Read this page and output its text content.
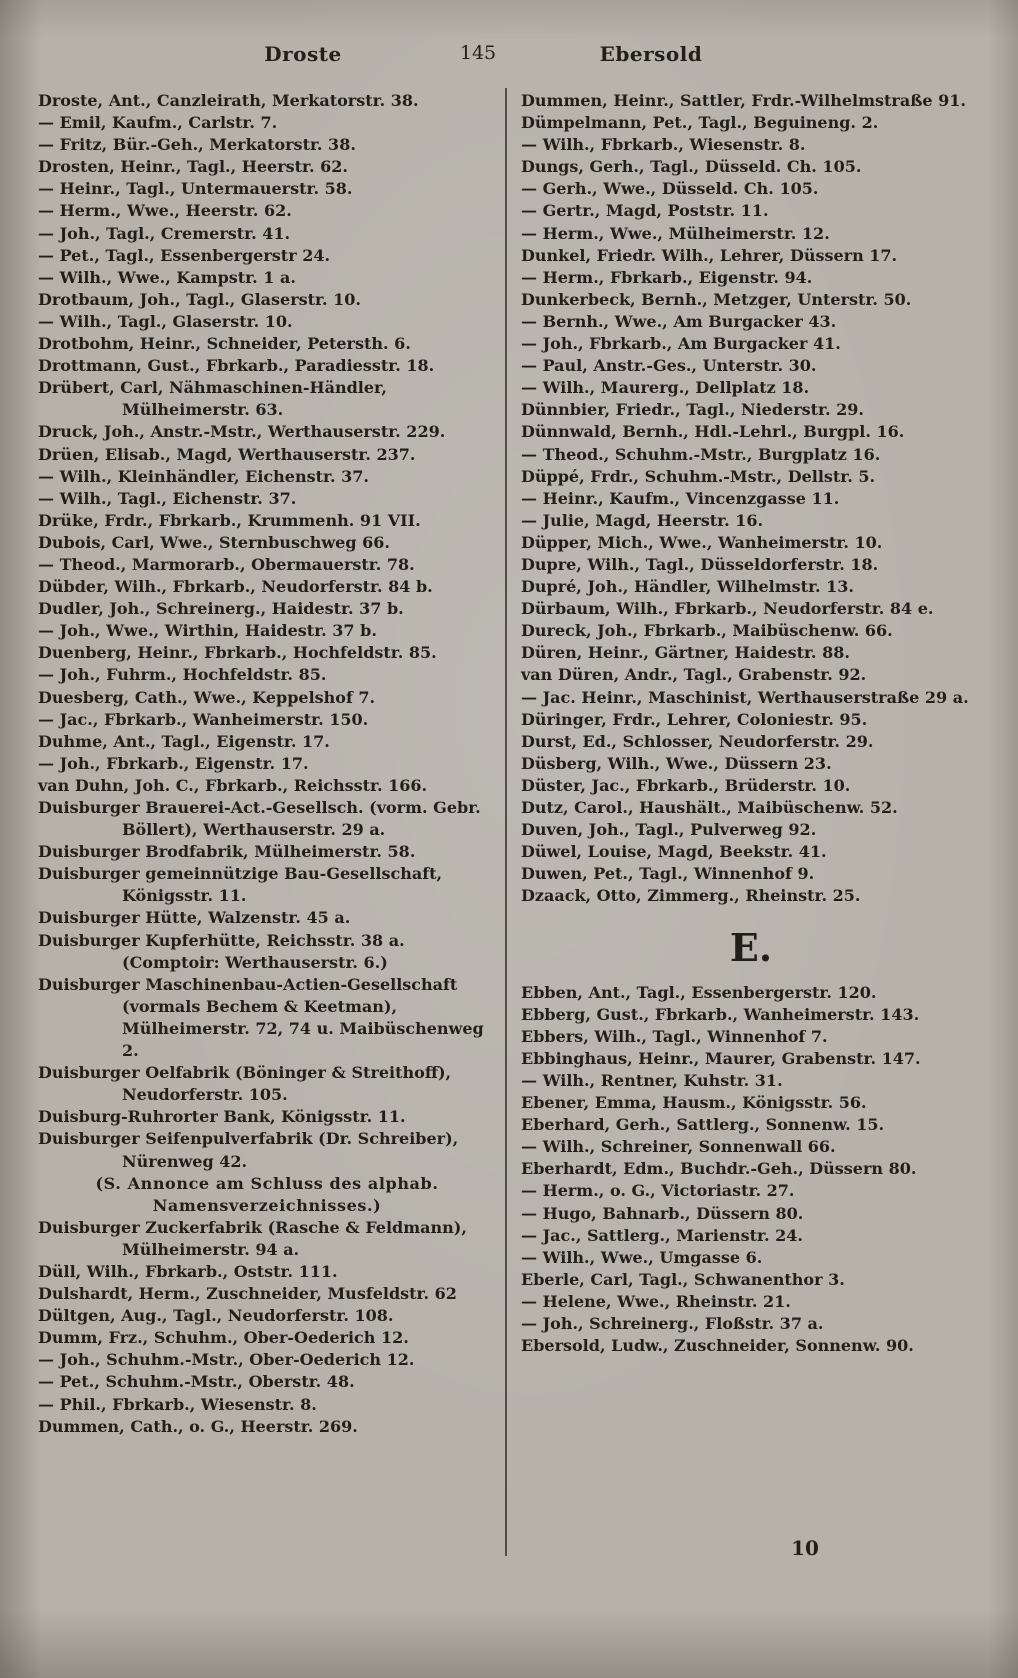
Droste	145	Ebersold

Droste, Ant., Canzleirath, Merkatorstr. 38.

— Emil, Kaufm., Carlstr. 7.

— Fritz, Bür.-Geh., Merkatorstr. 38.

Drosten, Heinr., Tagl., Heerstr. 62.

— Heinr., Tagl., Untermauerstr. 58.

— Herm., Wwe., Heerstr. 62.

— Joh., Tagl., Cremerstr. 41.

— Pet., Tagl., Essenbergerstr 24.

— Wilh., Wwe., Kampstr. 1 a.

Drotbaum, Joh., Tagl., Glaserstr. 10.

— Wilh., Tagl., Glaserstr. 10.

Drotbohm, Heinr., Schneider, Petersth. 6.

Drottmann, Gust., Fbrkarb., Paradiesstr. 18.

Drübert, Carl, Nähmaschinen-Händler, Mülheimerstr. 63.

Druck, Joh., Anstr.-Mstr., Werthauserstr. 229.

Drüen, Elisab., Magd, Werthauserstr. 237.

— Wilh., Kleinhändler, Eichenstr. 37.

— Wilh., Tagl., Eichenstr. 37.

Drüke, Frdr., Fbrkarb., Krummenh. 91 VII.

Dubois, Carl, Wwe., Sternbuschweg 66.

— Theod., Marmorarb., Obermauerstr. 78.

Dübder, Wilh., Fbrkarb., Neudorferstr. 84 b.

Dudler, Joh., Schreinerg., Haidestr. 37 b.

— Joh., Wwe., Wirthin, Haidestr. 37 b.

Duenberg, Heinr., Fbrkarb., Hochfeldstr. 85.

— Joh., Fuhrm., Hochfeldstr. 85.

Duesberg, Cath., Wwe., Keppelshof 7.

— Jac., Fbrkarb., Wanheimerstr. 150.

Duhme, Ant., Tagl., Eigenstr. 17.

— Joh., Fbrkarb., Eigenstr. 17.

van Duhn, Joh. C., Fbrkarb., Reichsstr. 166.

Duisburger Brauerei-Act.-Gesellsch. (vorm. Gebr. Böllert), Werthauserstr. 29 a.

Duisburger Brodfabrik, Mülheimerstr. 58.

Duisburger gemeinnützige Bau-Gesellschaft, Königsstr. 11.

Duisburger Hütte, Walzenstr. 45 a.

Duisburger Kupferhütte, Reichsstr. 38 a. (Comptoir: Werthauserstr. 6.)

Duisburger Maschinenbau-Actien-Gesellschaft (vormals Bechem & Keetman), Mülheimerstr. 72, 74 u. Maibüschenweg 2.

Duisburger Oelfabrik (Böninger & Streithoff), Neudorferstr. 105.

Duisburg-Ruhrorter Bank, Königsstr. 11.

Duisburger Seifenpulverfabrik (Dr. Schreiber), Nürenweg 42.

(S. Annonce am Schluss des alphab. Namensverzeichnisses.)

Duisburger Zuckerfabrik (Rasche & Feldmann), Mülheimerstr. 94 a.

Düll, Wilh., Fbrkarb., Oststr. 111.

Dulshardt, Herm., Zuschneider, Musfeldstr. 62

Dültgen, Aug., Tagl., Neudorferstr. 108.

Dumm, Frz., Schuhm., Ober-Oederich 12.

— Joh., Schuhm.-Mstr., Ober-Oederich 12.

— Pet., Schuhm.-Mstr., Oberstr. 48.

— Phil., Fbrkarb., Wiesenstr. 8.

Dummen, Cath., o. G., Heerstr. 269.

Dummen, Heinr., Sattler, Frdr.-Wilhelmstraße 91.

Dümpelmann, Pet., Tagl., Beguineng. 2.

— Wilh., Fbrkarb., Wiesenstr. 8.

Dungs, Gerh., Tagl., Düsseld. Ch. 105.

— Gerh., Wwe., Düsseld. Ch. 105.

— Gertr., Magd, Poststr. 11.

— Herm., Wwe., Mülheimerstr. 12.

Dunkel, Friedr. Wilh., Lehrer, Düssern 17.

— Herm., Fbrkarb., Eigenstr. 94.

Dunkerbeck, Bernh., Metzger, Unterstr. 50.

— Bernh., Wwe., Am Burgacker 43.

— Joh., Fbrkarb., Am Burgacker 41.

— Paul, Anstr.-Ges., Unterstr. 30.

— Wilh., Maurerg., Dellplatz 18.

Dünnbier, Friedr., Tagl., Niederstr. 29.

Dünnwald, Bernh., Hdl.-Lehrl., Burgpl. 16.

— Theod., Schuhm.-Mstr., Burgplatz 16.

Düppé, Frdr., Schuhm.-Mstr., Dellstr. 5.

— Heinr., Kaufm., Vincenzgasse 11.

— Julie, Magd, Heerstr. 16.

Düpper, Mich., Wwe., Wanheimerstr. 10.

Dupre, Wilh., Tagl., Düsseldorferstr. 18.

Dupré, Joh., Händler, Wilhelmstr. 13.

Dürbaum, Wilh., Fbrkarb., Neudorferstr. 84 e.

Dureck, Joh., Fbrkarb., Maibüschenw. 66.

Düren, Heinr., Gärtner, Haidestr. 88.

van Düren, Andr., Tagl., Grabenstr. 92.

— Jac. Heinr., Maschinist, Werthauserstraße 29 a.

Düringer, Frdr., Lehrer, Coloniestr. 95.

Durst, Ed., Schlosser, Neudorferstr. 29.

Düsberg, Wilh., Wwe., Düssern 23.

Düster, Jac., Fbrkarb., Brüderstr. 10.

Dutz, Carol., Haushält., Maibüschenw. 52.

Duven, Joh., Tagl., Pulverweg 92.

Düwel, Louise, Magd, Beekstr. 41.

Duwen, Pet., Tagl., Winnenhof 9.

Dzaack, Otto, Zimmerg., Rheinstr. 25.

E.

Ebben, Ant., Tagl., Essenbergerstr. 120.

Ebberg, Gust., Fbrkarb., Wanheimerstr. 143.

Ebbers, Wilh., Tagl., Winnenhof 7.

Ebbinghaus, Heinr., Maurer, Grabenstr. 147.

— Wilh., Rentner, Kuhstr. 31.

Ebener, Emma, Hausm., Königsstr. 56.

Eberhard, Gerh., Sattlerg., Sonnenw. 15.

— Wilh., Schreiner, Sonnenwall 66.

Eberhardt, Edm., Buchdr.-Geh., Düssern 80.

— Herm., o. G., Victoriastr. 27.

— Hugo, Bahnarb., Düssern 80.

— Jac., Sattlerg., Marienstr. 24.

— Wilh., Wwe., Umgasse 6.

Eberle, Carl, Tagl., Schwanenthor 3.

— Helene, Wwe., Rheinstr. 21.

— Joh., Schreinerg., Floßstr. 37 a.

Ebersold, Ludw., Zuschneider, Sonnenw. 90.

10
